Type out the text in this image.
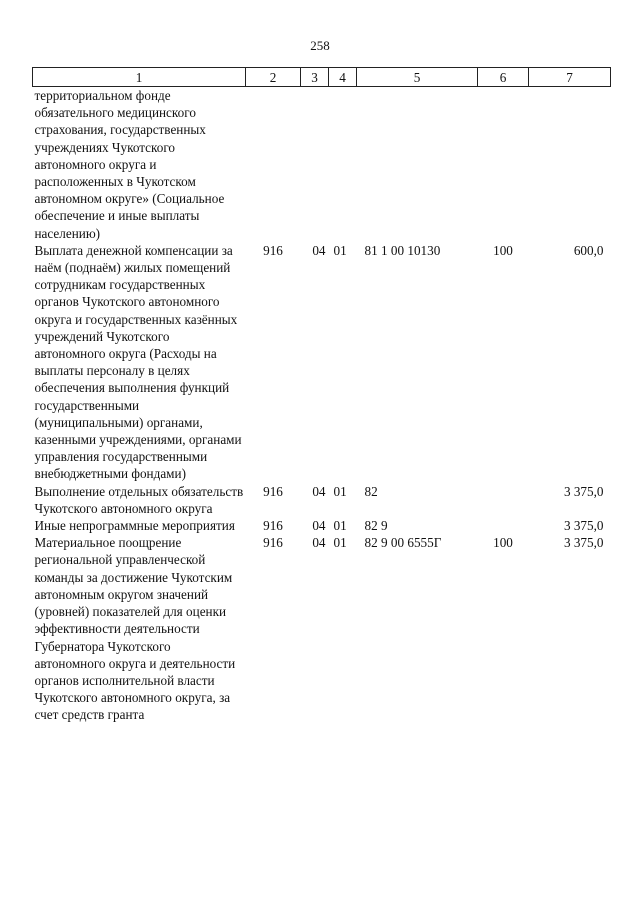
258
1	2	3	4	5	6	7
территориальном фонде обязательного медицинского страхования, государственных учреждениях Чукотского автономного округа и расположенных в Чукотском автономном округе» (Социальное обеспечение и иные выплаты населению)						
Выплата денежной компенсации за наём (поднаём) жилых помещений сотрудникам государственных органов Чукотского автономного округа и государственных казённых учреждений Чукотского автономного округа (Расходы на выплаты персоналу в целях обеспечения выполнения функций государственными (муниципальными) органами, казенными учреждениями, органами управления государственными внебюджетными фондами)	916	04	01	81 1 00 10130	100	600,0
Выполнение отдельных обязательств Чукотского автономного округа	916	04	01	82		3 375,0
Иные непрограммные мероприятия	916	04	01	82 9		3 375,0
Материальное поощрение региональной управленческой команды за достижение Чукотским автономным округом значений (уровней) показателей для оценки эффективности деятельности Губернатора Чукотского автономного округа и деятельности органов исполнительной власти Чукотского автономного округа, за счет средств гранта	916	04	01	82 9 00 6555Г	100	3 375,0
